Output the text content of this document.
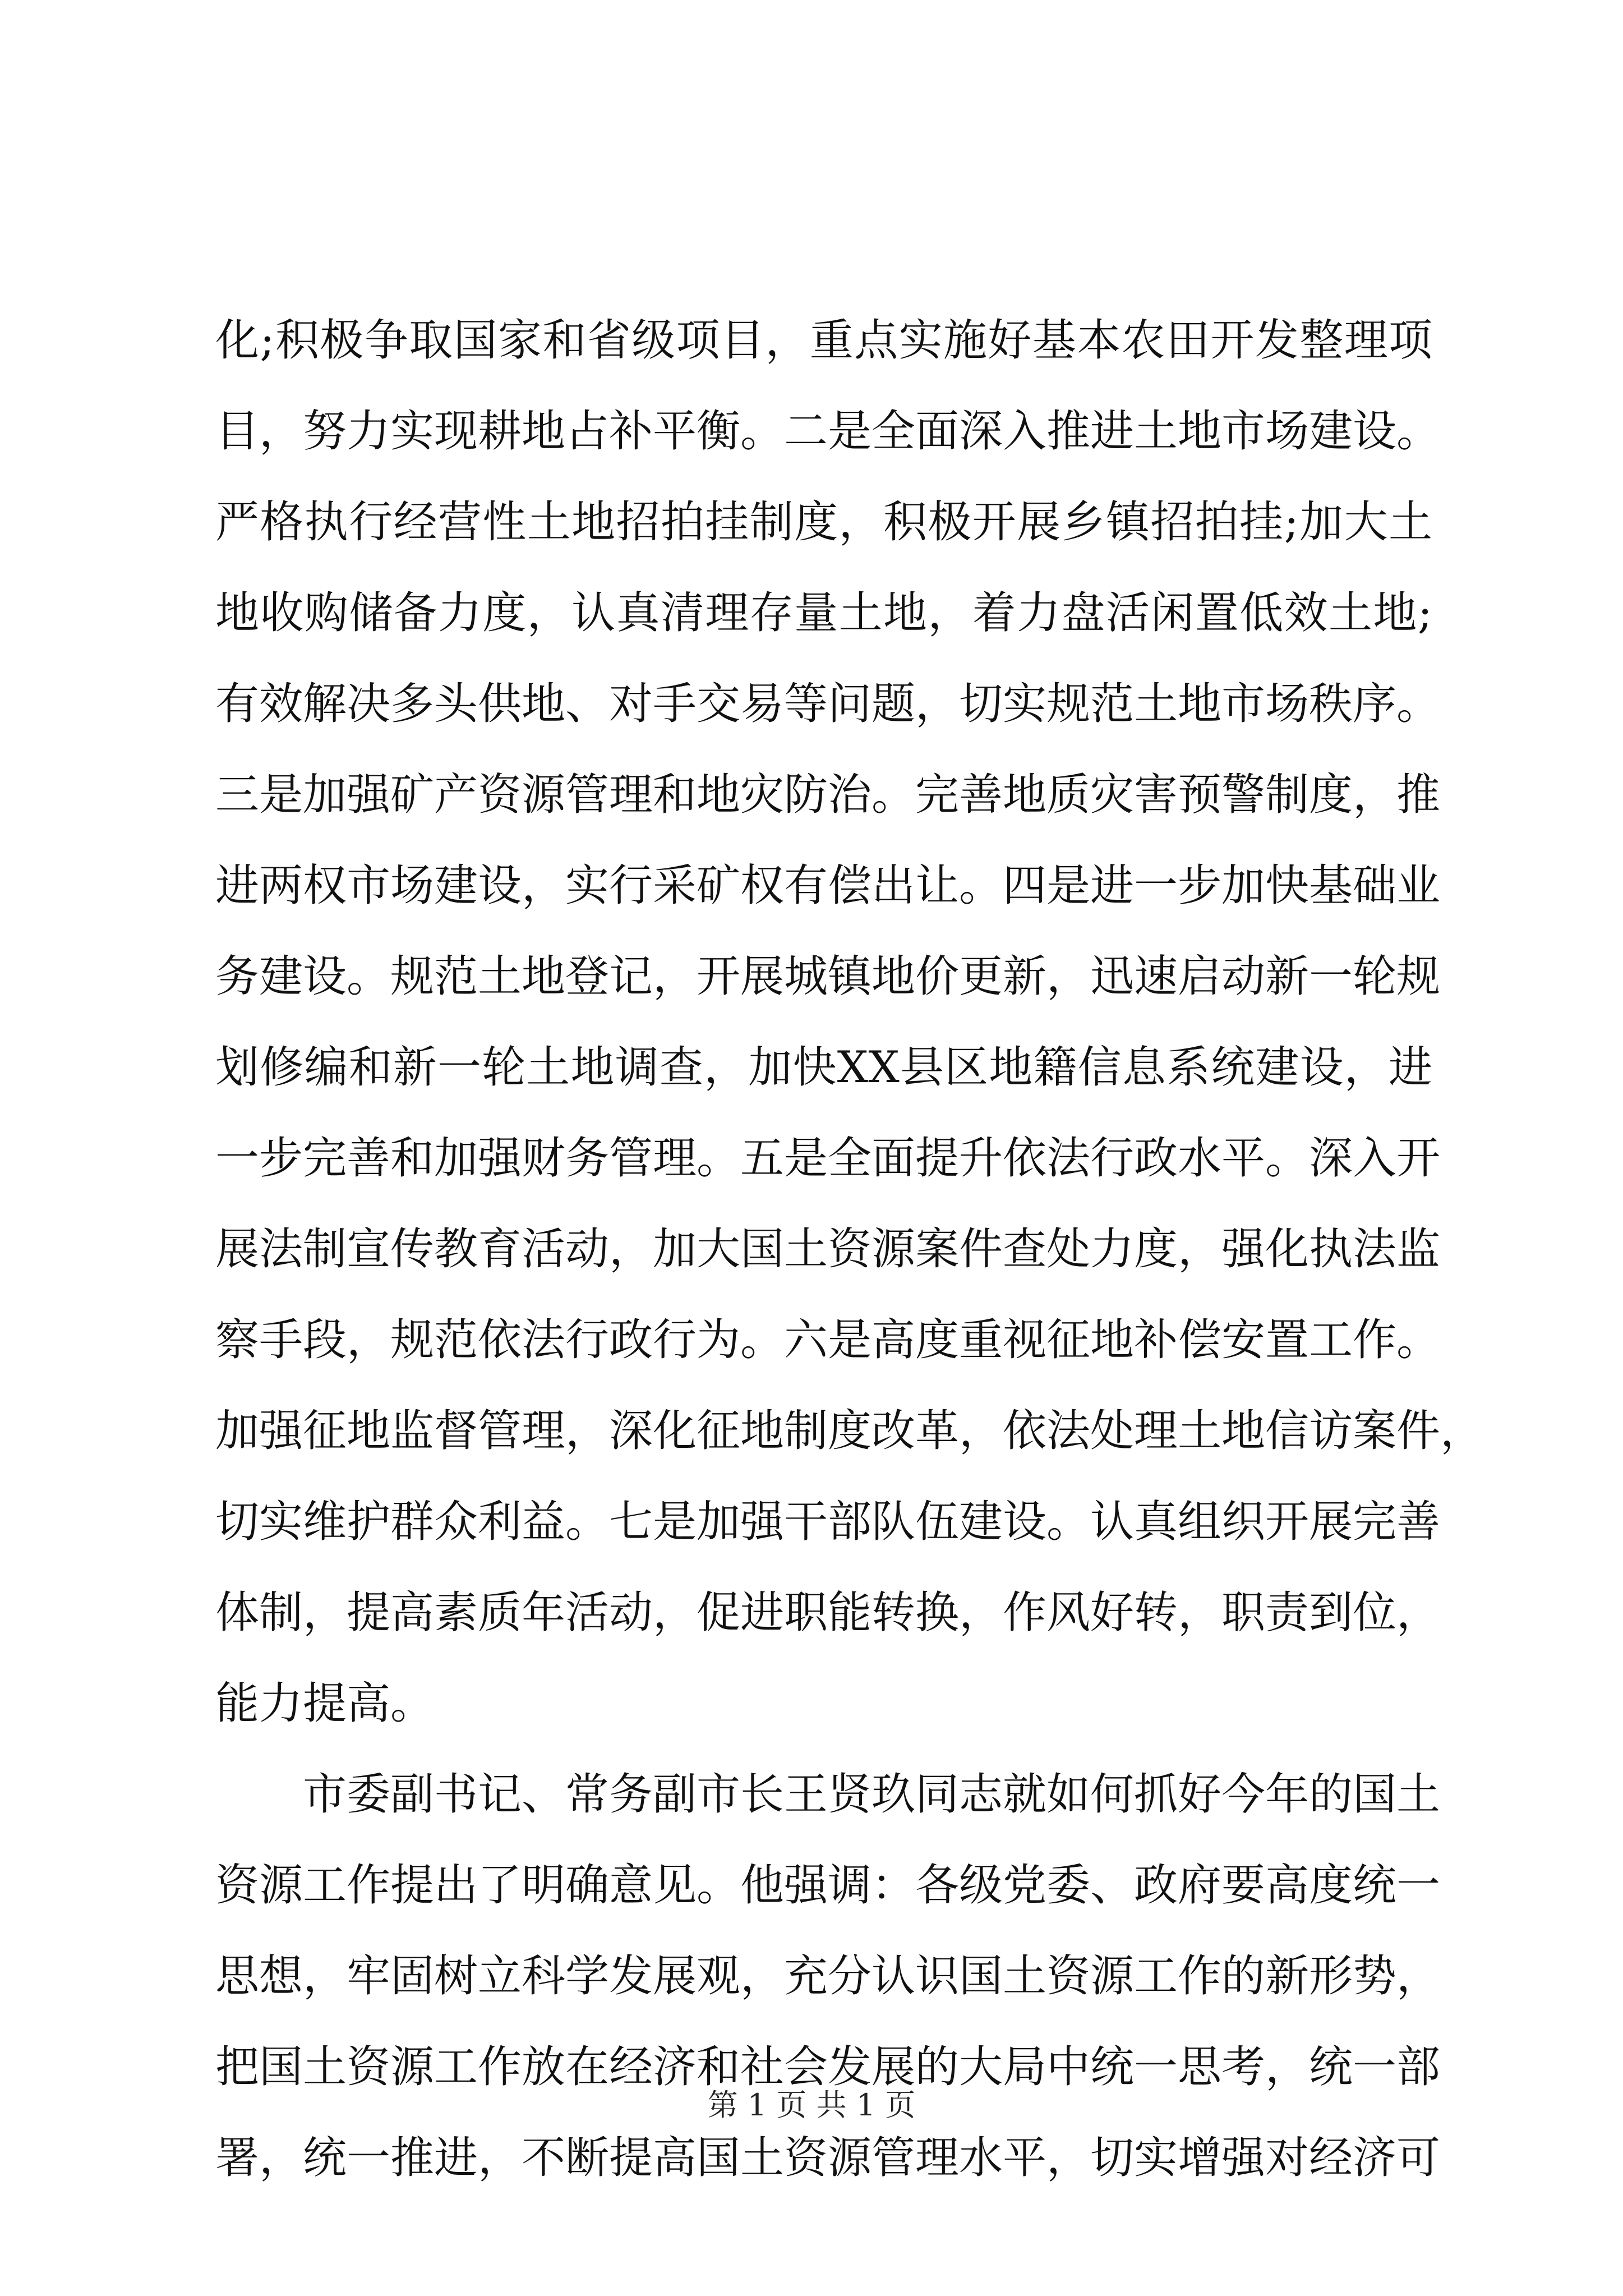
化;积极争取国家和省级项目，重点实施好基本农田开发整理项
目，努力实现耕地占补平衡。二是全面深入推进土地市场建设。
严格执行经营性土地招拍挂制度，积极开展乡镇招拍挂;加大土
地收购储备力度，认真清理存量土地，着力盘活闲置低效土地;
有效解决多头供地、对手交易等问题，切实规范土地市场秩序。
三是加强矿产资源管理和地灾防治。完善地质灾害预警制度，推
进两权市场建设，实行采矿权有偿出让。四是进一步加快基础业
务建设。规范土地登记，开展城镇地价更新，迅速启动新一轮规
划修编和新一轮土地调查，加快XX县区地籍信息系统建设，进
一步完善和加强财务管理。五是全面提升依法行政水平。深入开
展法制宣传教育活动，加大国土资源案件查处力度，强化执法监
察手段，规范依法行政行为。六是高度重视征地补偿安置工作。
加强征地监督管理，深化征地制度改革，依法处理土地信访案件，
切实维护群众利益。七是加强干部队伍建设。认真组织开展完善
体制，提高素质年活动，促进职能转换，作风好转，职责到位，
能力提高。
市委副书记、常务副市长王贤玖同志就如何抓好今年的国土
资源工作提出了明确意见。他强调：各级党委、政府要高度统一
思想，牢固树立科学发展观，充分认识国土资源工作的新形势，
把国土资源工作放在经济和社会发展的大局中统一思考，统一部
署，统一推进，不断提高国土资源管理水平，切实增强对经济可
第 1 页 共 1 页
